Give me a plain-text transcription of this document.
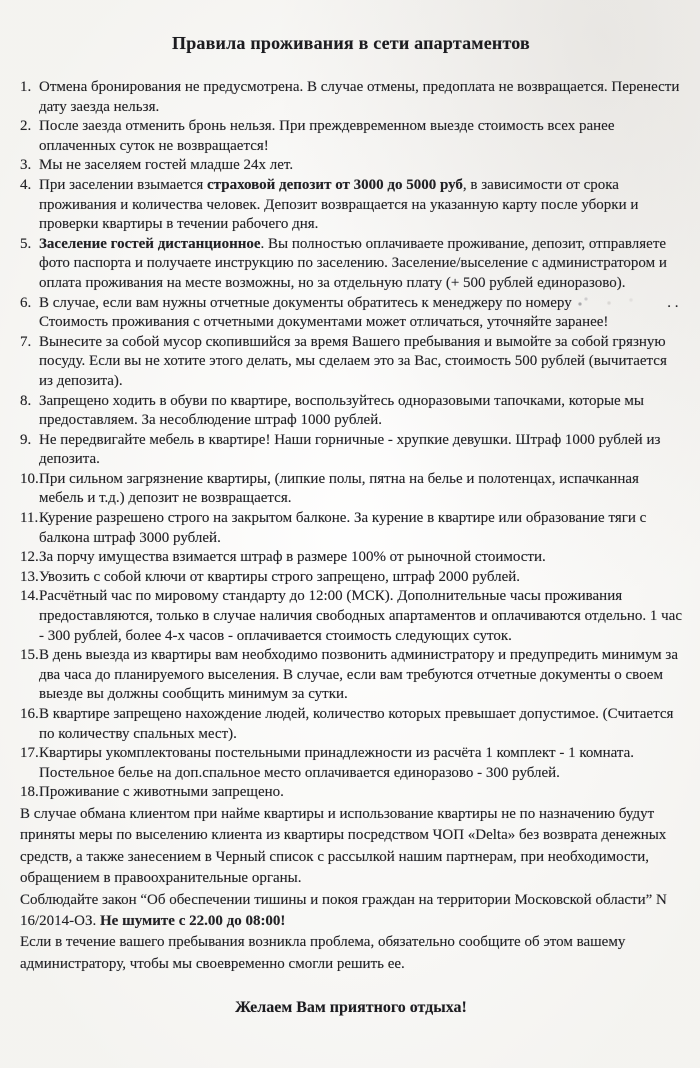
Правила проживания в сети апартаментов
1. Отмена бронирования не предусмотрена. В случае отмены, предоплата не возвращается. Перенести дату заезда нельзя.
2. После заезда отменить бронь нельзя. При преждевременном выезде стоимость всех ранее оплаченных суток не возвращается!
3. Мы не заселяем гостей младше 24х лет.
4. При заселении взымается страховой депозит от 3000 до 5000 руб, в зависимости от срока проживания и количества человек. Депозит возвращается на указанную карту после уборки и проверки квартиры в течении рабочего дня.
5. Заселение гостей дистанционное. Вы полностью оплачиваете проживание, депозит, отправляете фото паспорта и получаете инструкцию по заселению. Заселение/выселение с администратором и оплата проживания на месте возможны, но за отдельную плату (+ 500 рублей единоразово).
6. В случае, если вам нужны отчетные документы обратитесь к менеджеру по номеру	. . Стоимость проживания с отчетными документами может отличаться, уточняйте заранее!
7. Вынесите за собой мусор скопившийся за время Вашего пребывания и вымойте за собой грязную посуду. Если вы не хотите этого делать, мы сделаем это за Вас, стоимость 500 рублей (вычитается из депозита).
8. Запрещено ходить в обуви по квартире, воспользуйтесь одноразовыми тапочками, которые мы предоставляем. За несоблюдение штраф 1000 рублей.
9. Не передвигайте мебель в квартире! Наши горничные - хрупкие девушки. Штраф 1000 рублей из депозита.
10. При сильном загрязнение квартиры, (липкие полы, пятна на белье и полотенцах, испачканная мебель и т.д.) депозит не возвращается.
11. Курение разрешено строго на закрытом балконе. За курение в квартире или образование тяги с балкона штраф 3000 рублей.
12. За порчу имущества взимается штраф в размере 100% от рыночной стоимости.
13. Увозить с собой ключи от квартиры строго запрещено, штраф 2000 рублей.
14. Расчётный час по мировому стандарту до 12:00 (МСК). Дополнительные часы проживания предоставляются, только в случае наличия свободных апартаментов и оплачиваются отдельно. 1 час - 300 рублей, более 4-х часов - оплачивается стоимость следующих суток.
15. В день выезда из квартиры вам необходимо позвонить администратору и предупредить минимум за два часа до планируемого выселения. В случае, если вам требуются отчетные документы о своем выезде вы должны сообщить минимум за сутки.
16. В квартире запрещено нахождение людей, количество которых превышает допустимое. (Считается по количеству спальных мест).
17. Квартиры укомплектованы постельными принадлежности из расчёта 1 комплект - 1 комната. Постельное белье на доп.спальное место оплачивается единоразово - 300 рублей.
18. Проживание с животными запрещено.

В случае обмана клиентом при найме квартиры и использование квартиры не по назначению будут приняты меры по выселению клиента из квартиры посредством ЧОП «Delta» без возврата денежных средств, а также занесением в Черный список с рассылкой нашим партнерам, при необходимости, обращением в правоохранительные органы.

Соблюдайте закон “Об обеспечении тишины и покоя граждан на территории Московской области” N 16/2014-ОЗ. Не шумите с 22.00 до 08:00!

Если в течение вашего пребывания возникла проблема, обязательно сообщите об этом вашему администратору, чтобы мы своевременно смогли решить ее.

Желаем Вам приятного отдыха!
